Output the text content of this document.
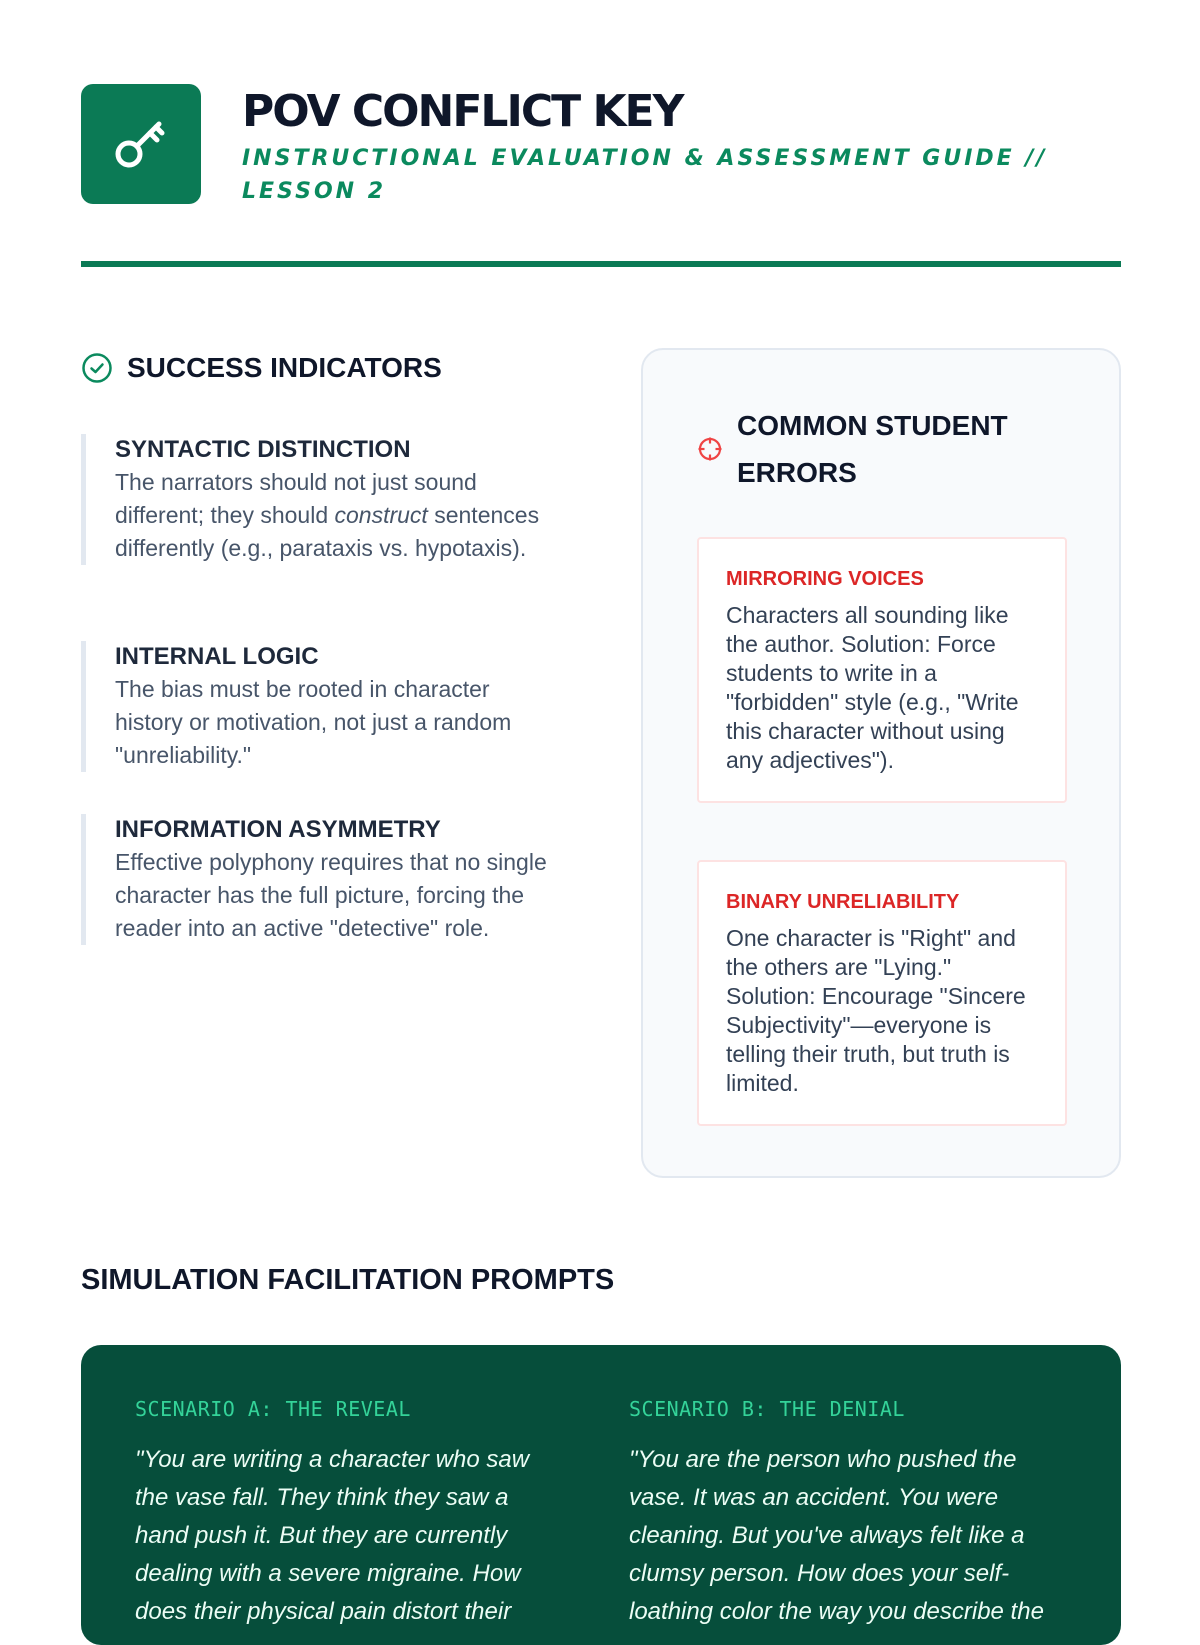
POV CONFLICT KEY
INSTRUCTIONAL EVALUATION & ASSESSMENT GUIDE // LESSON 2
SUCCESS INDICATORS
SYNTACTIC DISTINCTION
The narrators should not just sound different; they should construct sentences differently (e.g., parataxis vs. hypotaxis).
INTERNAL LOGIC
The bias must be rooted in character history or motivation, not just a random "unreliability."
INFORMATION ASYMMETRY
Effective polyphony requires that no single character has the full picture, forcing the reader into an active "detective" role.
COMMON STUDENT ERRORS
MIRRORING VOICES
Characters all sounding like the author. Solution: Force students to write in a "forbidden" style (e.g., "Write this character without using any adjectives").
BINARY UNRELIABILITY
One character is "Right" and the others are "Lying." Solution: Encourage "Sincere Subjectivity"—everyone is telling their truth, but truth is limited.
SIMULATION FACILITATION PROMPTS
SCENARIO A: THE REVEAL
"You are writing a character who saw the vase fall. They think they saw a hand push it. But they are currently dealing with a severe migraine. How does their physical pain distort their
SCENARIO B: THE DENIAL
"You are the person who pushed the vase. It was an accident. You were cleaning. But you've always felt like a clumsy person. How does your self-loathing color the way you describe the
